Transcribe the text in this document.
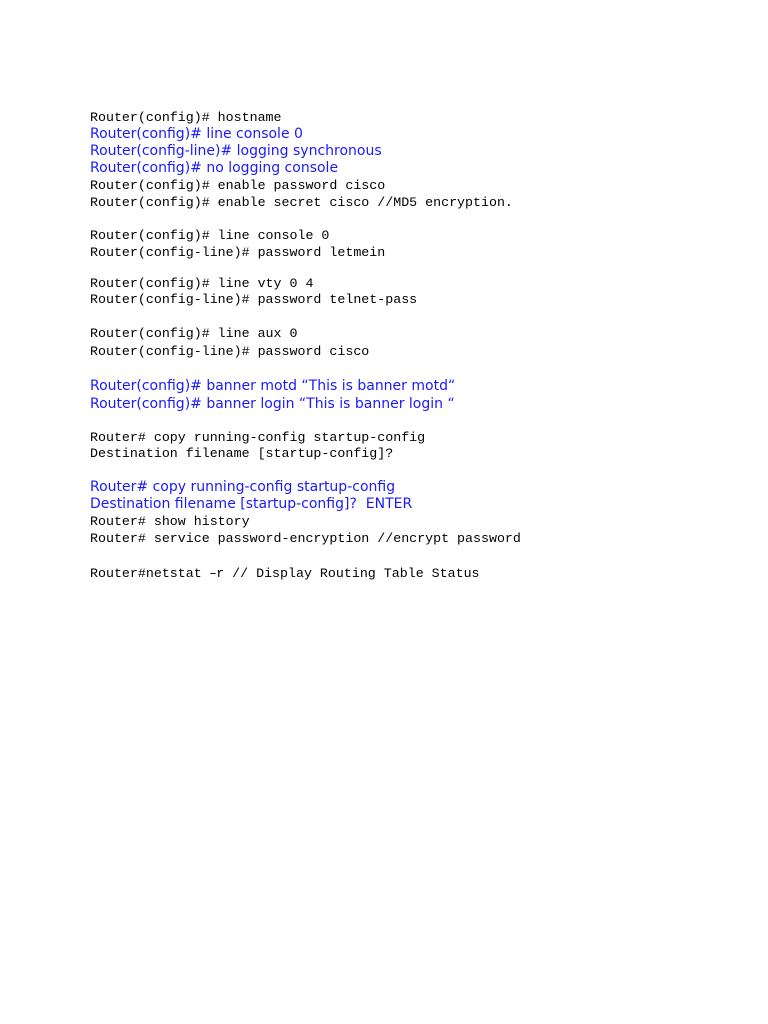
Router(config)# hostname
Router(config)# line console 0
Router(config-line)# logging synchronous
Router(config)# no logging console
Router(config)# enable password cisco
Router(config)# enable secret cisco //MD5 encryption.
Router(config)# line console 0
Router(config-line)# password letmein
Router(config)# line vty 0 4
Router(config-line)# password telnet-pass
Router(config)# line aux 0
Router(config-line)# password cisco
Router(config)# banner motd “This is banner motd“
Router(config)# banner login “This is banner login “
Router# copy running-config startup-config
Destination filename [startup-config]?
Router# copy running-config startup-config
Destination filename [startup-config]?  ENTER
Router# show history
Router# service password-encryption //encrypt password
Router#netstat –r // Display Routing Table Status
